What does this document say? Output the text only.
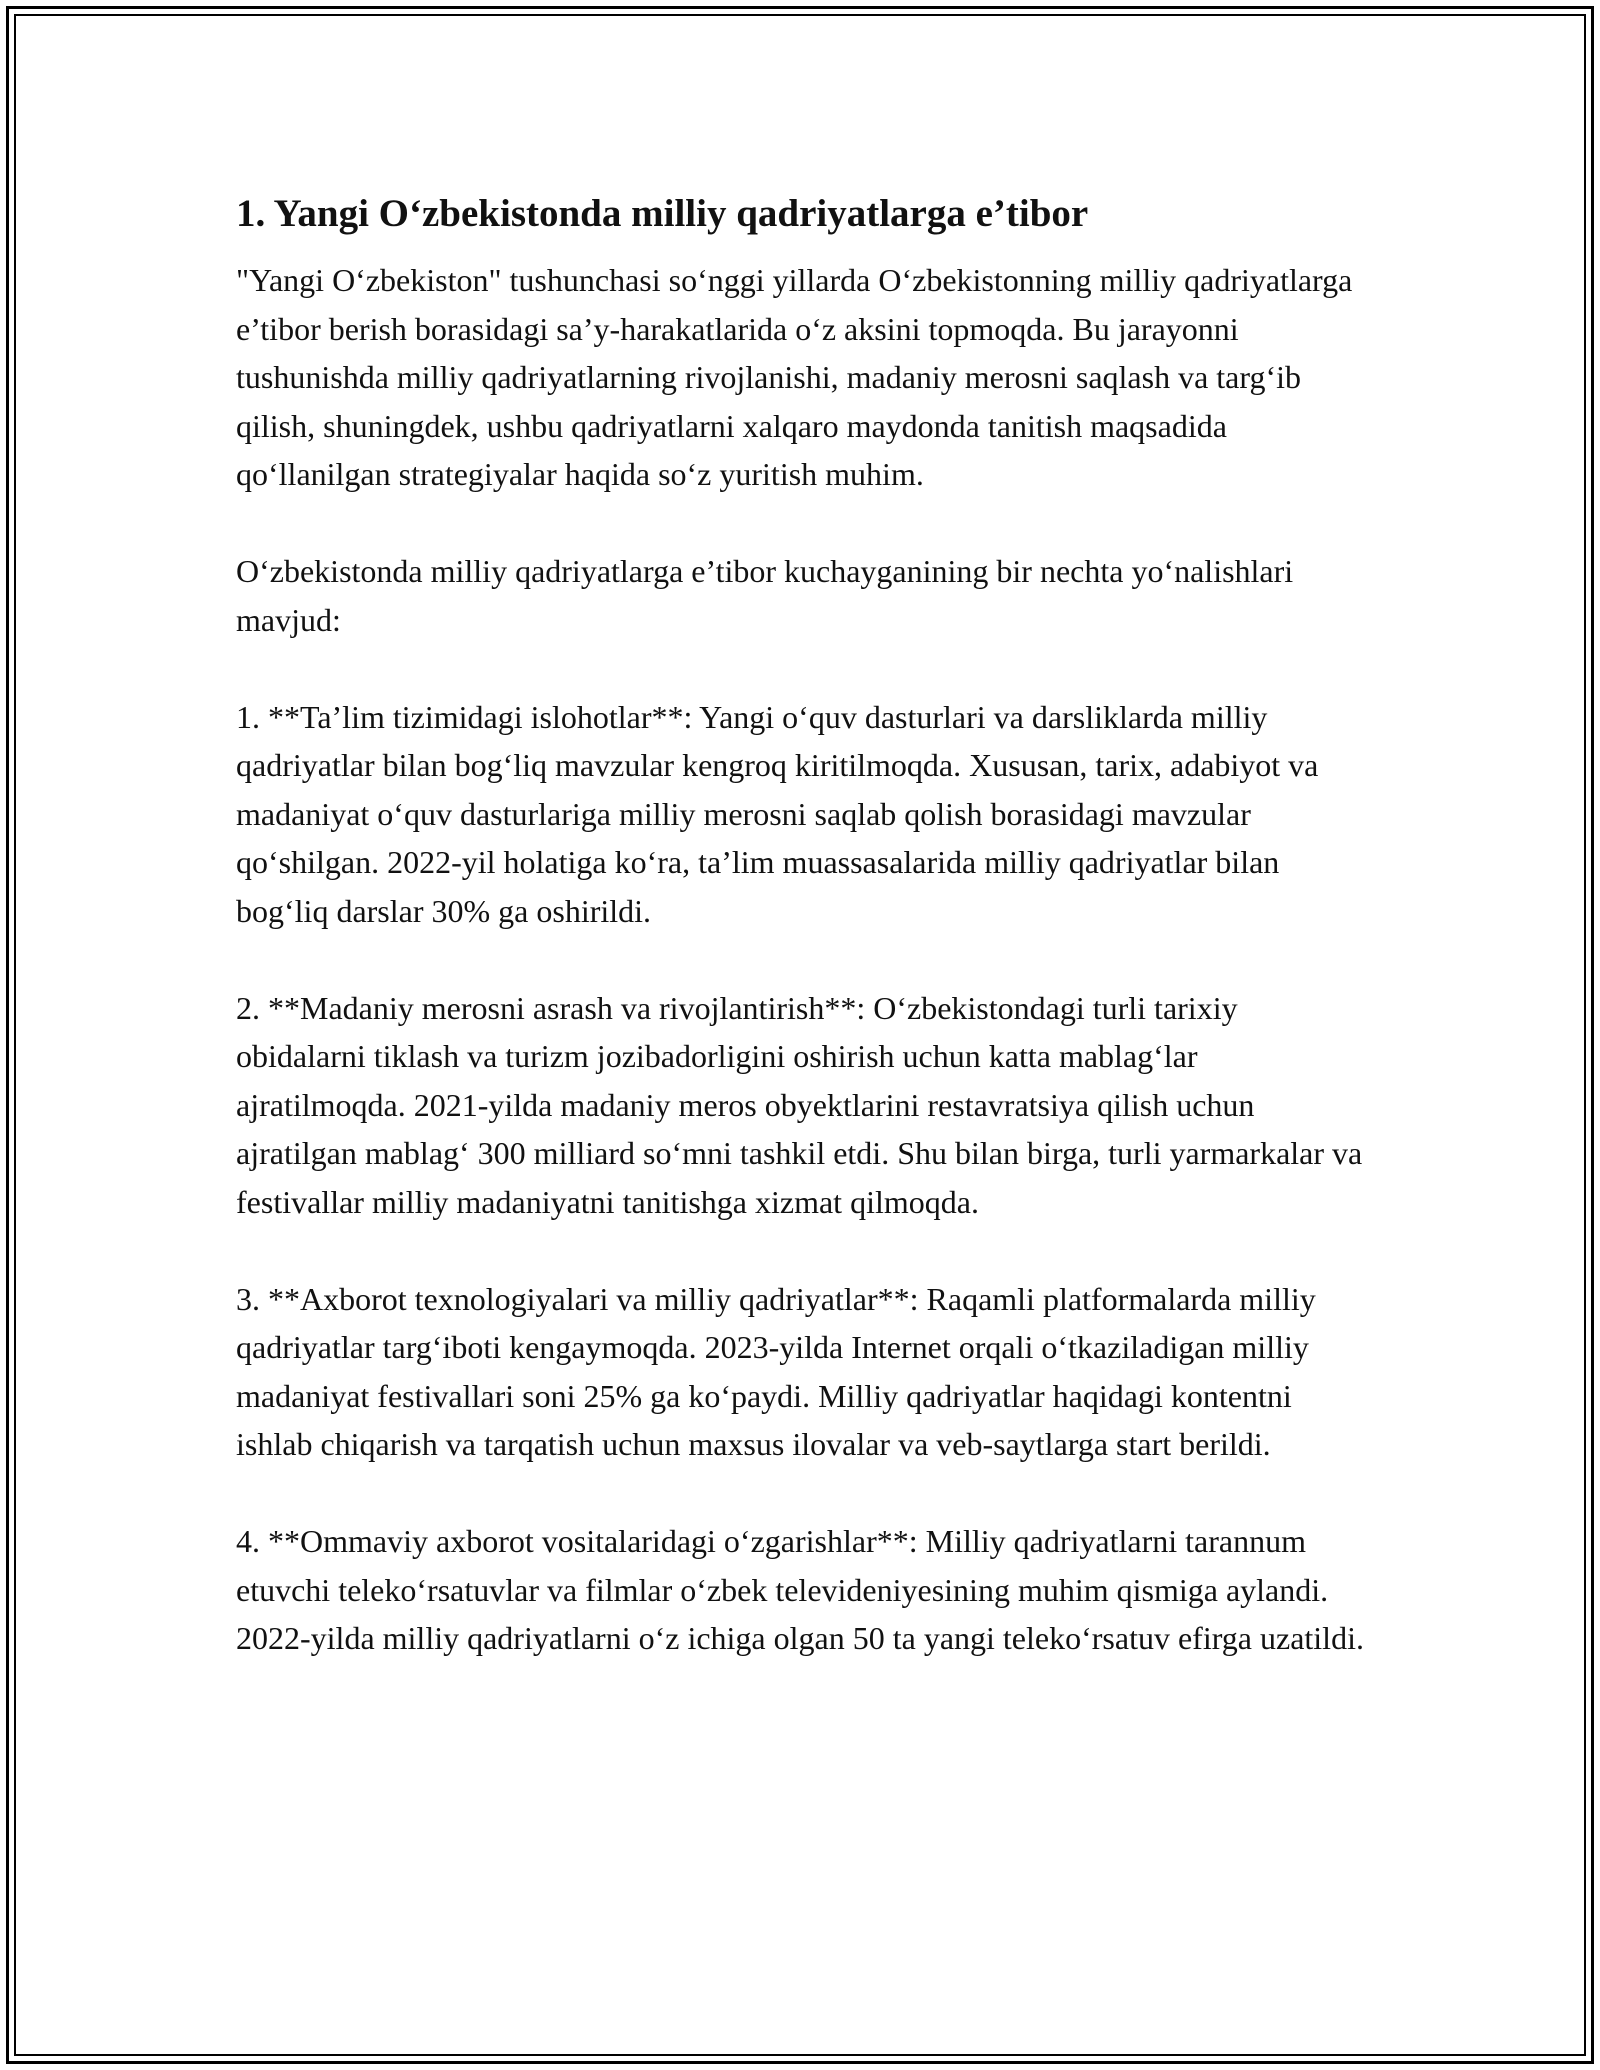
1. Yangi O‘zbekistonda milliy qadriyatlarga e’tibor

"Yangi O‘zbekiston" tushunchasi so‘nggi yillarda O‘zbekistonning milliy qadriyatlarga e’tibor berish borasidagi sa’y-harakatlarida o‘z aksini topmoqda. Bu jarayonni tushunishda milliy qadriyatlarning rivojlanishi, madaniy merosni saqlash va targ‘ib qilish, shuningdek, ushbu qadriyatlarni xalqaro maydonda tanitish maqsadida qo‘llanilgan strategiyalar haqida so‘z yuritish muhim.

O‘zbekistonda milliy qadriyatlarga e’tibor kuchayganining bir nechta yo‘nalishlari mavjud:

1. **Ta’lim tizimidagi islohotlar**: Yangi o‘quv dasturlari va darsliklarda milliy qadriyatlar bilan bog‘liq mavzular kengroq kiritilmoqda. Xususan, tarix, adabiyot va madaniyat o‘quv dasturlariga milliy merosni saqlab qolish borasidagi mavzular qo‘shilgan. 2022-yil holatiga ko‘ra, ta’lim muassasalarida milliy qadriyatlar bilan bog‘liq darslar 30% ga oshirildi.

2. **Madaniy merosni asrash va rivojlantirish**: O‘zbekistondagi turli tarixiy obidalarni tiklash va turizm jozibadorligini oshirish uchun katta mablag‘lar ajratilmoqda. 2021-yilda madaniy meros obyektlarini restavratsiya qilish uchun ajratilgan mablag‘ 300 milliard so‘mni tashkil etdi. Shu bilan birga, turli yarmarkalar va festivallar milliy madaniyatni tanitishga xizmat qilmoqda.

3. **Axborot texnologiyalari va milliy qadriyatlar**: Raqamli platformalarda milliy qadriyatlar targ‘iboti kengaymoqda. 2023-yilda Internet orqali o‘tkaziladigan milliy madaniyat festivallari soni 25% ga ko‘paydi. Milliy qadriyatlar haqidagi kontentni ishlab chiqarish va tarqatish uchun maxsus ilovalar va veb-saytlarga start berildi.

4. **Ommaviy axborot vositalaridagi o‘zgarishlar**: Milliy qadriyatlarni tarannum etuvchi teleko‘rsatuvlar va filmlar o‘zbek televideniyesining muhim qismiga aylandi. 2022-yilda milliy qadriyatlarni o‘z ichiga olgan 50 ta yangi teleko‘rsatuv efirga uzatildi.
